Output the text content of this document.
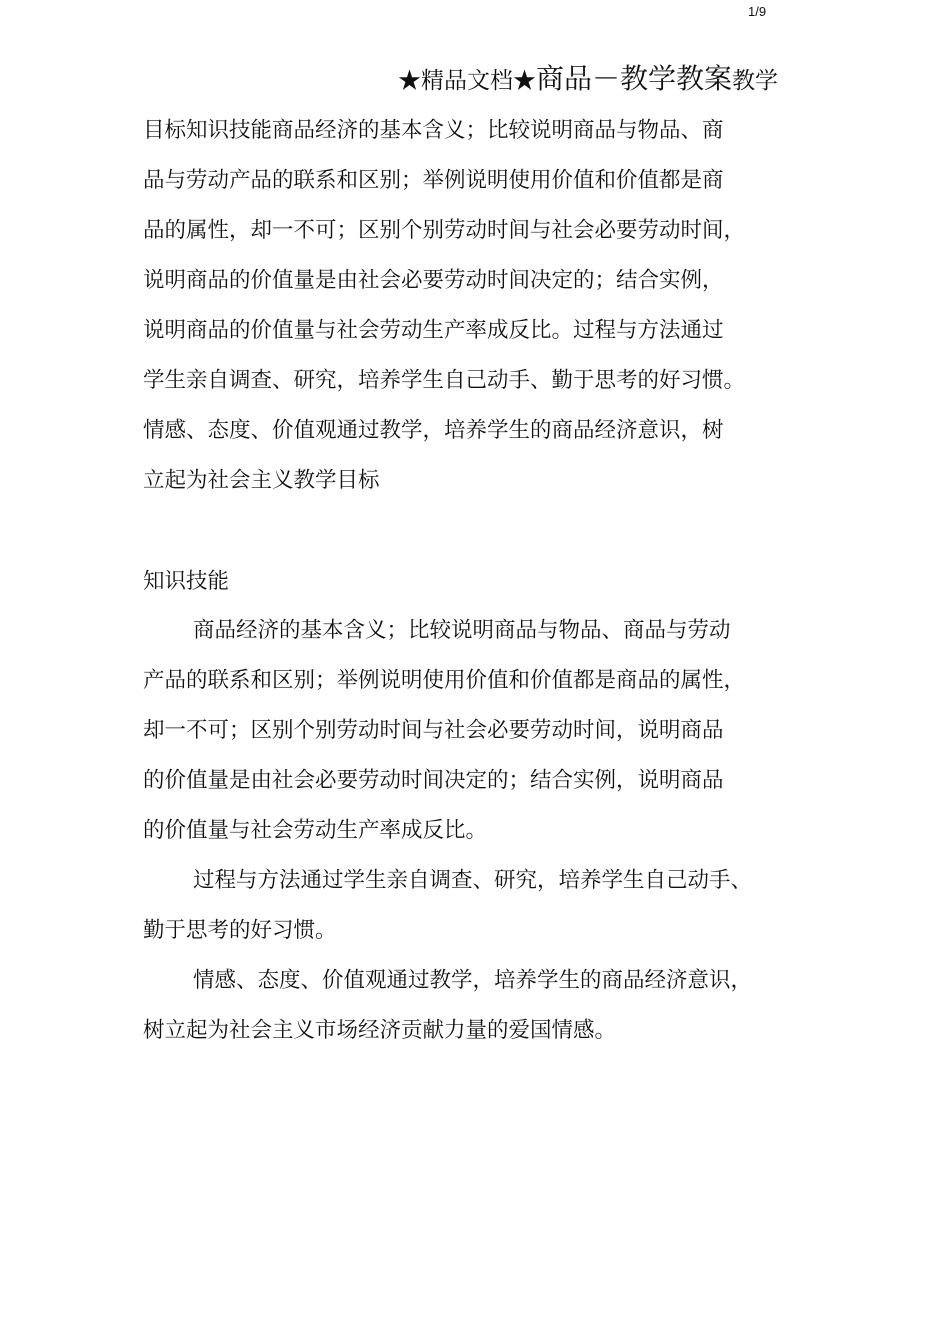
1/9
★精品文档★商品－教学教案教学
目标知识技能商品经济的基本含义；比较说明商品与物品、商
品与劳动产品的联系和区别；举例说明使用价值和价值都是商
品的属性，却一不可；区别个别劳动时间与社会必要劳动时间，
说明商品的价值量是由社会必要劳动时间决定的；结合实例，
说明商品的价值量与社会劳动生产率成反比。过程与方法通过
学生亲自调查、研究，培养学生自己动手、勤于思考的好习惯。
情感、态度、价值观通过教学，培养学生的商品经济意识，树
立起为社会主义教学目标
知识技能
商品经济的基本含义；比较说明商品与物品、商品与劳动
产品的联系和区别；举例说明使用价值和价值都是商品的属性，
却一不可；区别个别劳动时间与社会必要劳动时间，说明商品
的价值量是由社会必要劳动时间决定的；结合实例，说明商品
的价值量与社会劳动生产率成反比。
过程与方法通过学生亲自调查、研究，培养学生自己动手、
勤于思考的好习惯。
情感、态度、价值观通过教学，培养学生的商品经济意识，
树立起为社会主义市场经济贡献力量的爱国情感。
